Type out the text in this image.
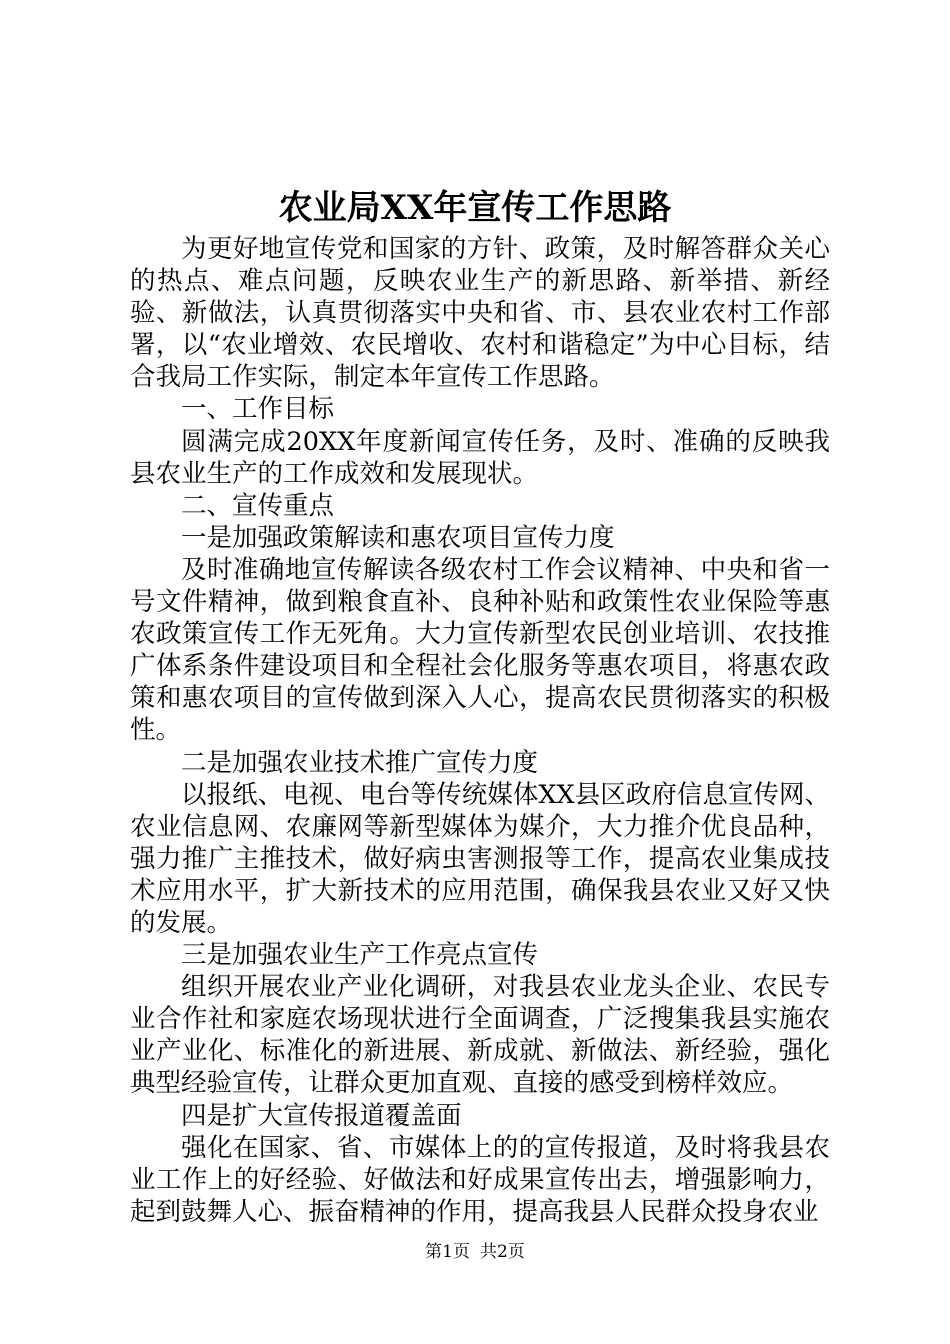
农业局XX年宣传工作思路

为更好地宣传党和国家的方针、政策，及时解答群众关心的热点、难点问题，反映农业生产的新思路、新举措、新经验、新做法，认真贯彻落实中央和省、市、县农业农村工作部署，以“农业增效、农民增收、农村和谐稳定”为中心目标，结合我局工作实际，制定本年宣传工作思路。

一、工作目标

圆满完成20XX年度新闻宣传任务，及时、准确的反映我县农业生产的工作成效和发展现状。

二、宣传重点

一是加强政策解读和惠农项目宣传力度

及时准确地宣传解读各级农村工作会议精神、中央和省一号文件精神，做到粮食直补、良种补贴和政策性农业保险等惠农政策宣传工作无死角。大力宣传新型农民创业培训、农技推广体系条件建设项目和全程社会化服务等惠农项目，将惠农政策和惠农项目的宣传做到深入人心，提高农民贯彻落实的积极性。

二是加强农业技术推广宣传力度

以报纸、电视、电台等传统媒体XX县区政府信息宣传网、农业信息网、农廉网等新型媒体为媒介，大力推介优良品种，强力推广主推技术，做好病虫害测报等工作，提高农业集成技术应用水平，扩大新技术的应用范围，确保我县农业又好又快的发展。

三是加强农业生产工作亮点宣传

组织开展农业产业化调研，对我县农业龙头企业、农民专业合作社和家庭农场现状进行全面调查，广泛搜集我县实施农业产业化、标准化的新进展、新成就、新做法、新经验，强化典型经验宣传，让群众更加直观、直接的感受到榜样效应。

四是扩大宣传报道覆盖面

强化在国家、省、市媒体上的的宣传报道，及时将我县农业工作上的好经验、好做法和好成果宣传出去，增强影响力，起到鼓舞人心、振奋精神的作用，提高我县人民群众投身农业

第1页 共2页
